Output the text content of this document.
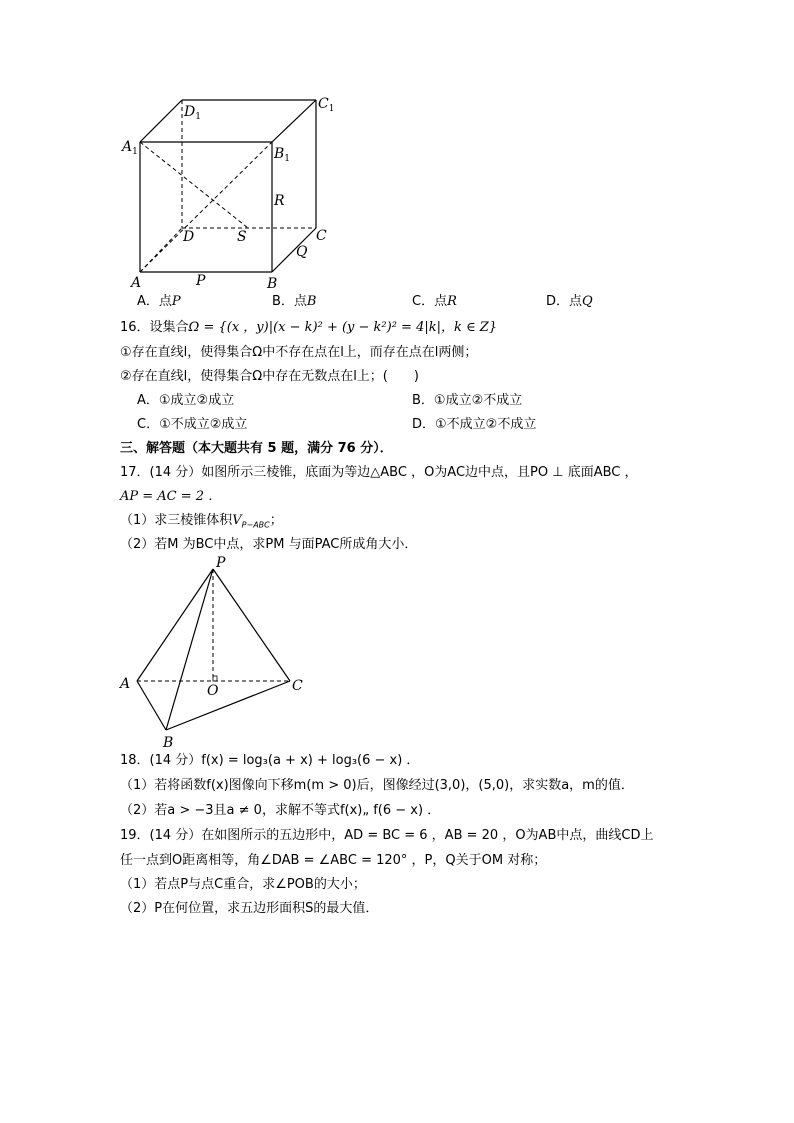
$D_1$
$C_1$
$A_1$	$B_1$
R
D	S	C
Q
A	P	B
A．点P	B．点B	C．点R	D．点Q
16．设集合Ω = {(x ，y)|(x − k)² + (y − k²)² = 4|k|，k ∈ Z}
①存在直线l，使得集合Ω中不存在点在l上，而存在点在l两侧；
②存在直线l，使得集合Ω中存在无数点在l上；(　　)
A．①成立②成立	B．①成立②不成立
C．①不成立②成立	D．①不成立②不成立
三、解答题（本大题共有 5 题，满分 76 分）．
17．(14 分）如图所示三棱锥，底面为等边△ABC ，O为AC边中点，且PO ⊥ 底面ABC ，
AP = AC = 2 ．
（1）求三棱锥体积$V_{P-ABC}$；
（2）若M 为BC中点，求PM 与面PAC所成角大小．
P
A	O	C
B
18．(14 分）f(x) = log₃(a + x) + log₃(6 − x) ．
（1）若将函数f(x)图像向下移m(m > 0)后，图像经过(3,0)，(5,0)，求实数a，m的值．
（2）若a > −3且a ≠ 0，求解不等式f(x)„ f(6 − x) ．
19．(14 分）在如图所示的五边形中，AD = BC = 6 ，AB = 20 ，O为AB中点，曲线CD上
任一点到O距离相等，角∠DAB = ∠ABC = 120° ，P，Q关于OM 对称；
（1）若点P与点C重合，求∠POB的大小；
（2）P在何位置，求五边形面积S的最大值．
